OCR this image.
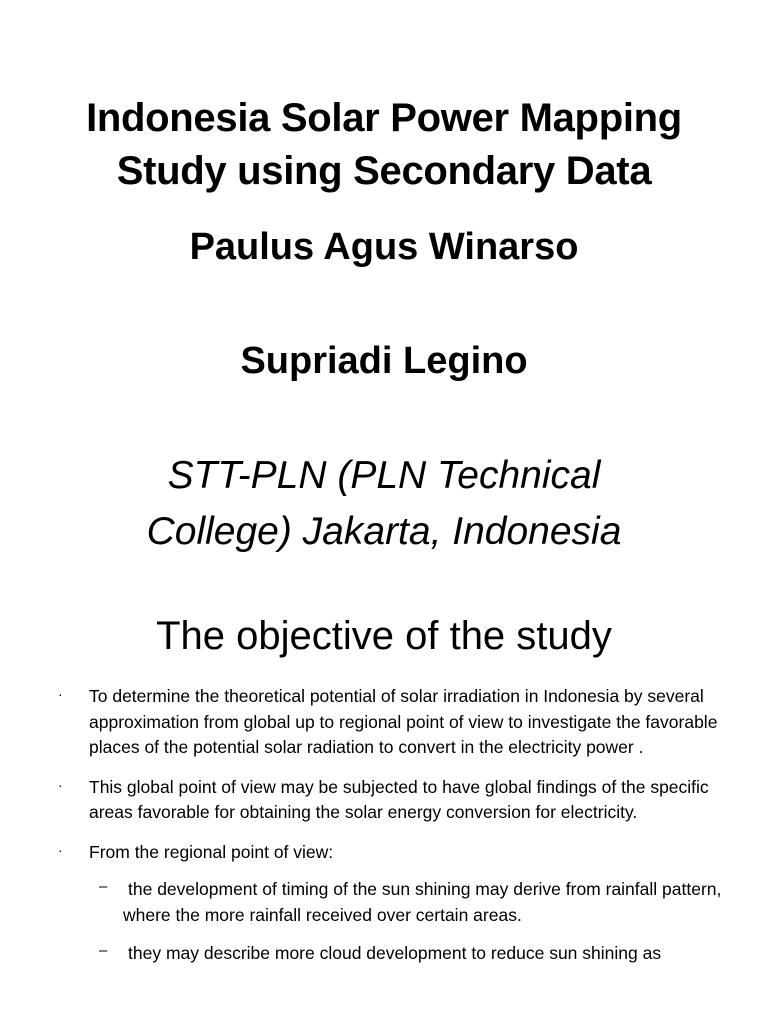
Indonesia Solar Power Mapping
Study using Secondary Data
Paulus Agus Winarso
Supriadi Legino
STT-PLN (PLN Technical
College) Jakarta, Indonesia
The objective of the study
· To determine the theoretical potential of solar irradiation in Indonesia by several approximation from global up to regional point of view to investigate the favorable places of the potential solar radiation to convert in the electricity power .
· This global point of view may be subjected to have global findings of the specific areas favorable for obtaining the solar energy conversion for electricity.
· From the regional point of view:
– the development of timing of the sun shining may derive from rainfall pattern, where the more rainfall received over certain areas.
– they may describe more cloud development to reduce sun shining as
